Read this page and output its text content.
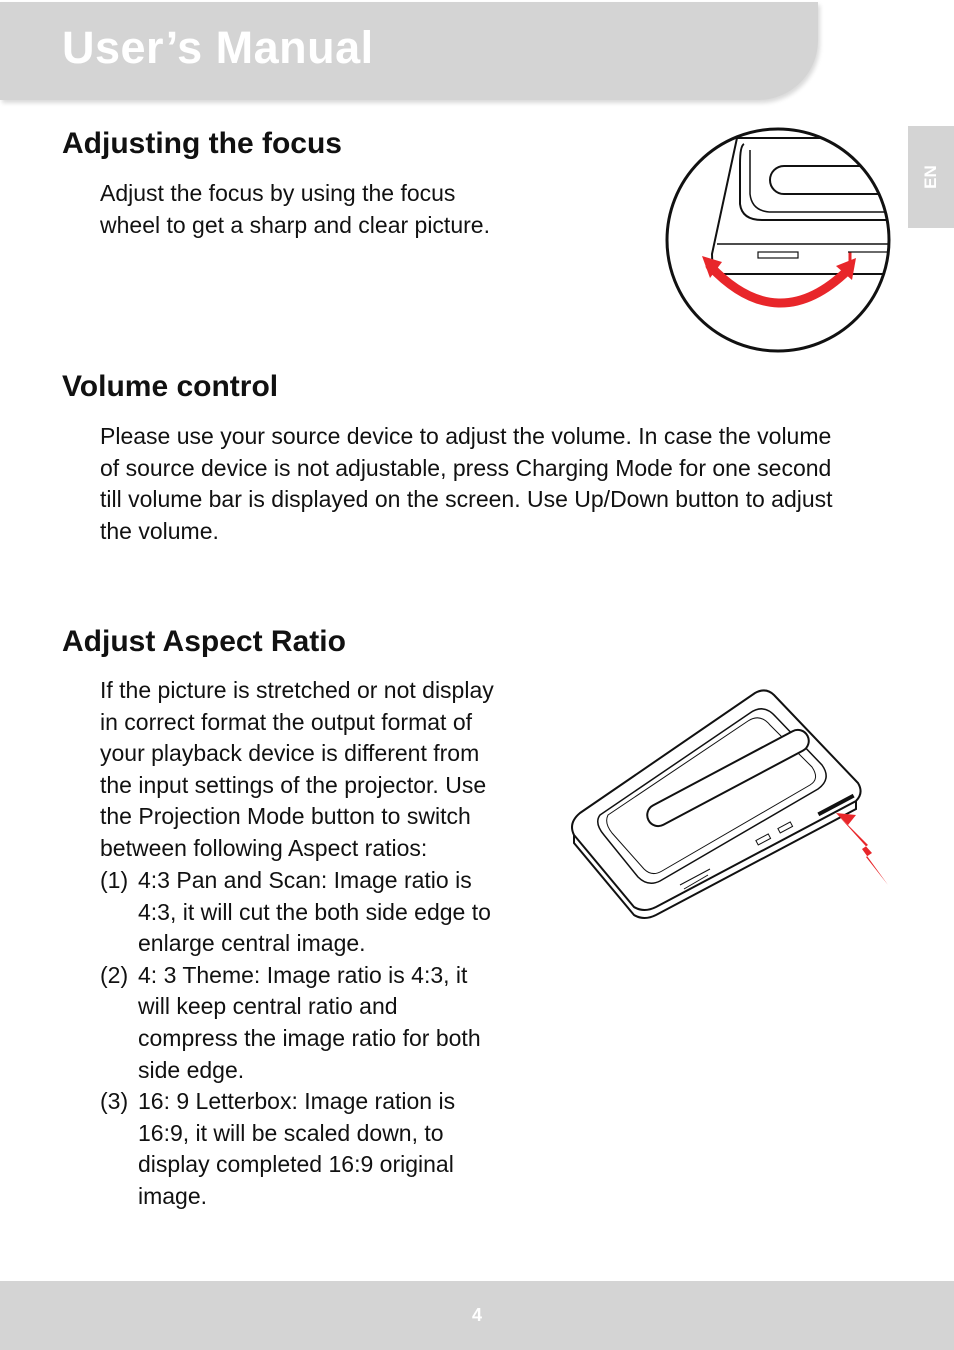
User’s Manual
EN
Adjusting the focus
Adjust the focus by using the focus
wheel to get a sharp and clear picture.
Volume control
Please use your source device to adjust the volume. In case the volume
of source device is not adjustable, press Charging Mode for one second
till volume bar is displayed on the screen. Use Up/Down button to adjust
the volume.
Adjust Aspect Ratio
If the picture is stretched or not display
in correct format the output format of
your playback device is different from
the input settings of the projector. Use
the Projection Mode button to switch
between following Aspect ratios:
(1) 4:3 Pan and Scan: Image ratio is
4:3, it will cut the both side edge to
enlarge central image.
(2) 4: 3 Theme: Image ratio is 4:3, it
will keep central ratio and
compress the image ratio for both
side edge.
(3) 16: 9 Letterbox: Image ration is
16:9, it will be scaled down, to
display completed 16:9 original
image.
4
